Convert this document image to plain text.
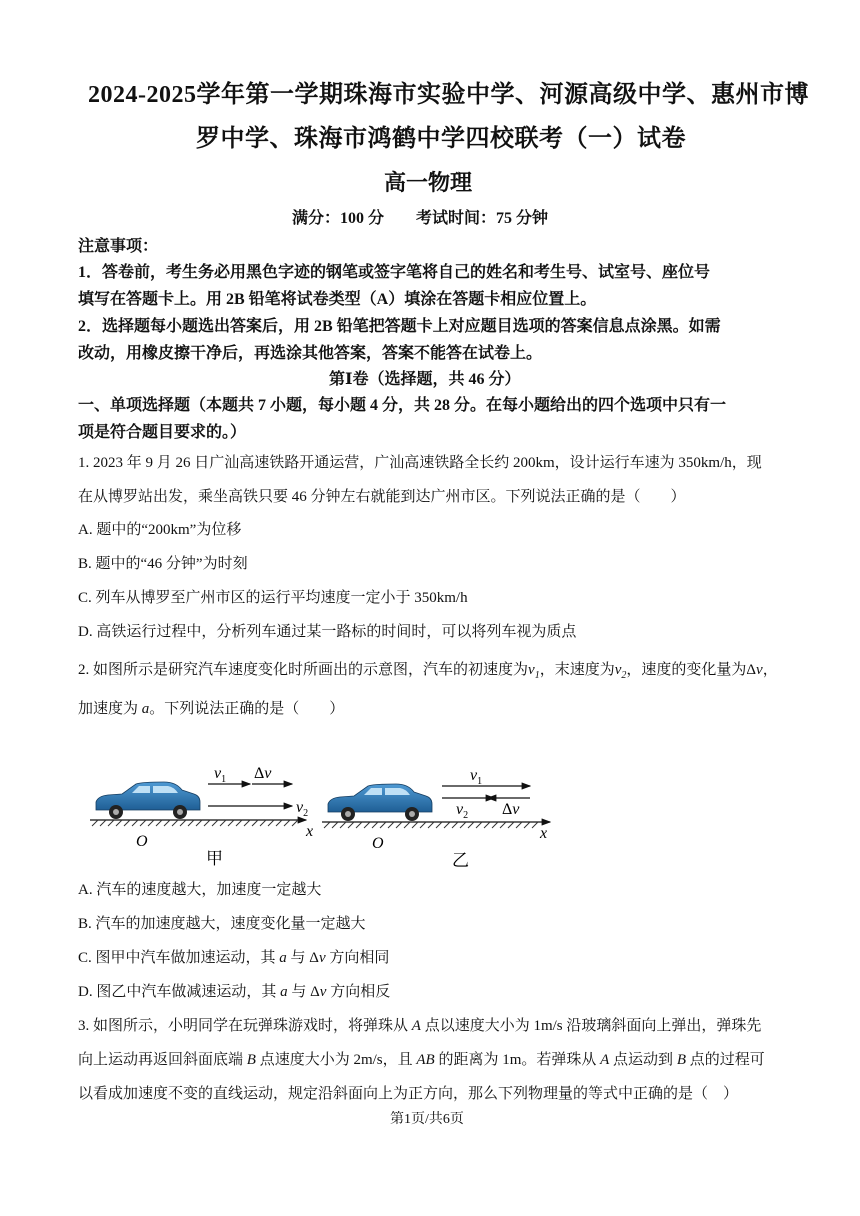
2024-2025学年第一学期珠海市实验中学、河源高级中学、惠州市博
罗中学、珠海市鸿鹤中学四校联考（一）试卷
高一物理
满分：100 分　　考试时间：75 分钟
注意事项：
1．答卷前，考生务必用黑色字迹的钢笔或签字笔将自己的姓名和考生号、试室号、座位号
填写在答题卡上。用 2B 铅笔将试卷类型（A）填涂在答题卡相应位置上。
2．选择题每小题选出答案后，用 2B 铅笔把答题卡上对应题目选项的答案信息点涂黑。如需
改动，用橡皮擦干净后，再选涂其他答案，答案不能答在试卷上。
第Ⅰ卷（选择题，共 46 分）
一、单项选择题（本题共 7 小题，每小题 4 分，共 28 分。在每小题给出的四个选项中只有一
项是符合题目要求的。）
1. 2023 年 9 月 26 日广汕高速铁路开通运营，广汕高速铁路全长约 200km，设计运行车速为 350km/h，现
在从博罗站出发，乘坐高铁只要 46 分钟左右就能到达广州市区。下列说法正确的是（　　）
A. 题中的“200km”为位移
B. 题中的“46 分钟”为时刻
C. 列车从博罗至广州市区的运行平均速度一定小于 350km/h
D. 高铁运行过程中，分析列车通过某一路标的时间时，可以将列车视为质点
2. 如图所示是研究汽车速度变化时所画出的示意图，汽车的初速度为$v_1$，末速度为$v_2$，速度的变化量为Δv，
加速度为 a。下列说法正确的是（　　）
$v_1$ Δv
$v_2$
O
x
甲
$v_1$
$v_2$ Δv
O
x
乙
A. 汽车的速度越大，加速度一定越大
B. 汽车的加速度越大，速度变化量一定越大
C. 图甲中汽车做加速运动，其 a 与 Δv 方向相同
D. 图乙中汽车做减速运动，其 a 与 Δv 方向相反
3. 如图所示，小明同学在玩弹珠游戏时，将弹珠从 A 点以速度大小为 1m/s 沿玻璃斜面向上弹出，弹珠先
向上运动再返回斜面底端 B 点速度大小为 2m/s，且 AB 的距离为 1m。若弹珠从 A 点运动到 B 点的过程可
以看成加速度不变的直线运动，规定沿斜面向上为正方向，那么下列物理量的等式中正确的是（　）
第1页/共6页
